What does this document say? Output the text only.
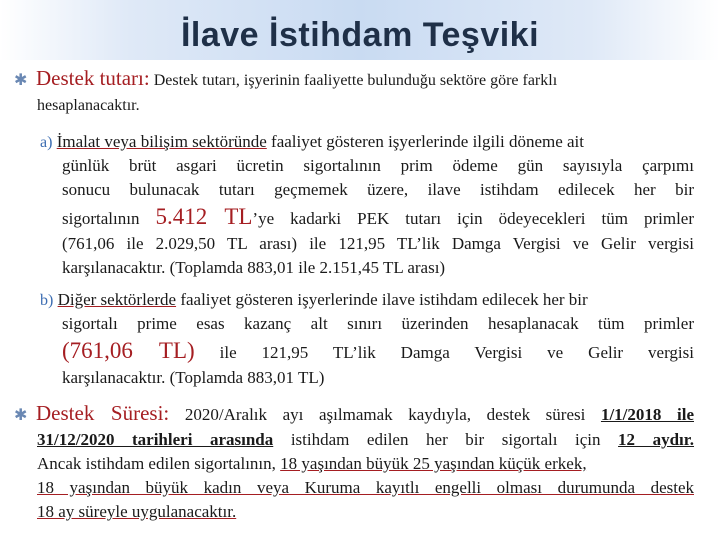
İlave İstihdam Teşviki
✱ Destek tutarı: Destek tutarı, işyerinin faaliyette bulunduğu sektöre göre farklı
hesaplanacaktır.
a) İmalat veya bilişim sektöründe faaliyet gösteren işyerlerinde ilgili döneme ait
günlük brüt asgari ücretin sigortalının prim ödeme gün sayısıyla çarpımı
sonucu bulunacak tutarı geçmemek üzere, ilave istihdam edilecek her bir
sigortalının 5.412 TL’ye kadarki PEK tutarı için ödeyecekleri tüm primler
(761,06 ile 2.029,50 TL arası) ile 121,95 TL’lik Damga Vergisi ve Gelir vergisi
karşılanacaktır. (Toplamda 883,01 ile 2.151,45 TL arası)
b) Diğer sektörlerde faaliyet gösteren işyerlerinde ilave istihdam edilecek her bir
sigortalı prime esas kazanç alt sınırı üzerinden hesaplanacak tüm primler
(761,06 TL) ile 121,95 TL’lik Damga Vergisi ve Gelir vergisi
karşılanacaktır. (Toplamda 883,01 TL)
✱ Destek Süresi: 2020/Aralık ayı aşılmamak kaydıyla, destek süresi 1/1/2018 ile
31/12/2020 tarihleri arasında istihdam edilen her bir sigortalı için 12 aydır.
Ancak istihdam edilen sigortalının, 18 yaşından büyük 25 yaşından küçük erkek,
18 yaşından büyük kadın veya Kuruma kayıtlı engelli olması durumunda destek
18 ay süreyle uygulanacaktır.
